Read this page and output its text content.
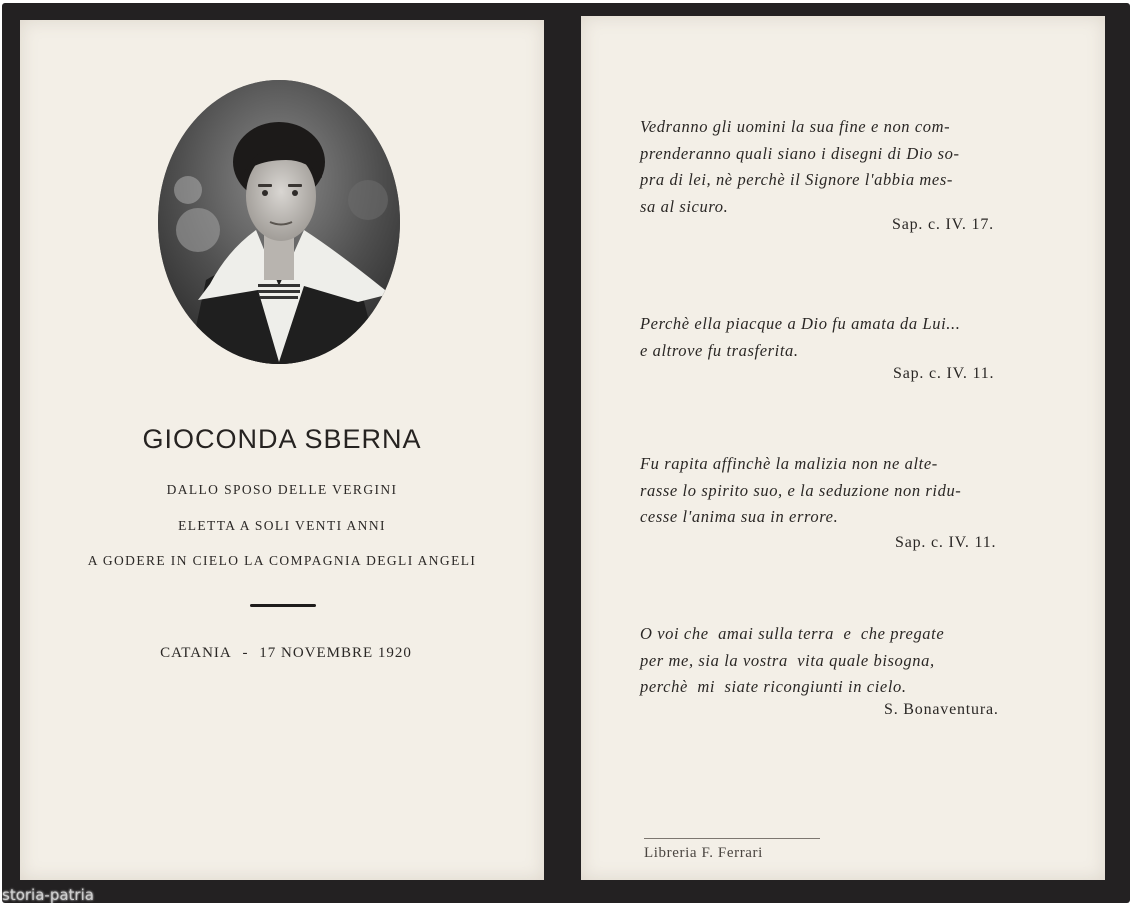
GIOCONDA SBERNA
DALLO SPOSO DELLE VERGINI
ELETTA A SOLI VENTI ANNI
A GODERE IN CIELO LA COMPAGNIA DEGLI ANGELI
CATANIA - 17 NOVEMBRE 1920
Vedranno gli uomini la sua fine e non com-
prenderanno quali siano i disegni di Dio so-
pra di lei, nè perchè il Signore l'abbia mes-
sa al sicuro.
Sap. c. IV. 17.
Perchè ella piacque a Dio fu amata da Lui...
e altrove fu trasferita.
Sap. c. IV. 11.
Fu rapita affinchè la malizia non ne alte-
rasse lo spirito suo, e la seduzione non ridu-
cesse l'anima sua in errore.
Sap. c. IV. 11.
O voi che  amai sulla terra  e  che pregate
per me, sia la vostra  vita quale bisogna,
perchè  mi  siate ricongiunti in cielo.
S. Bonaventura.
Libreria F. Ferrari
storia-patria
